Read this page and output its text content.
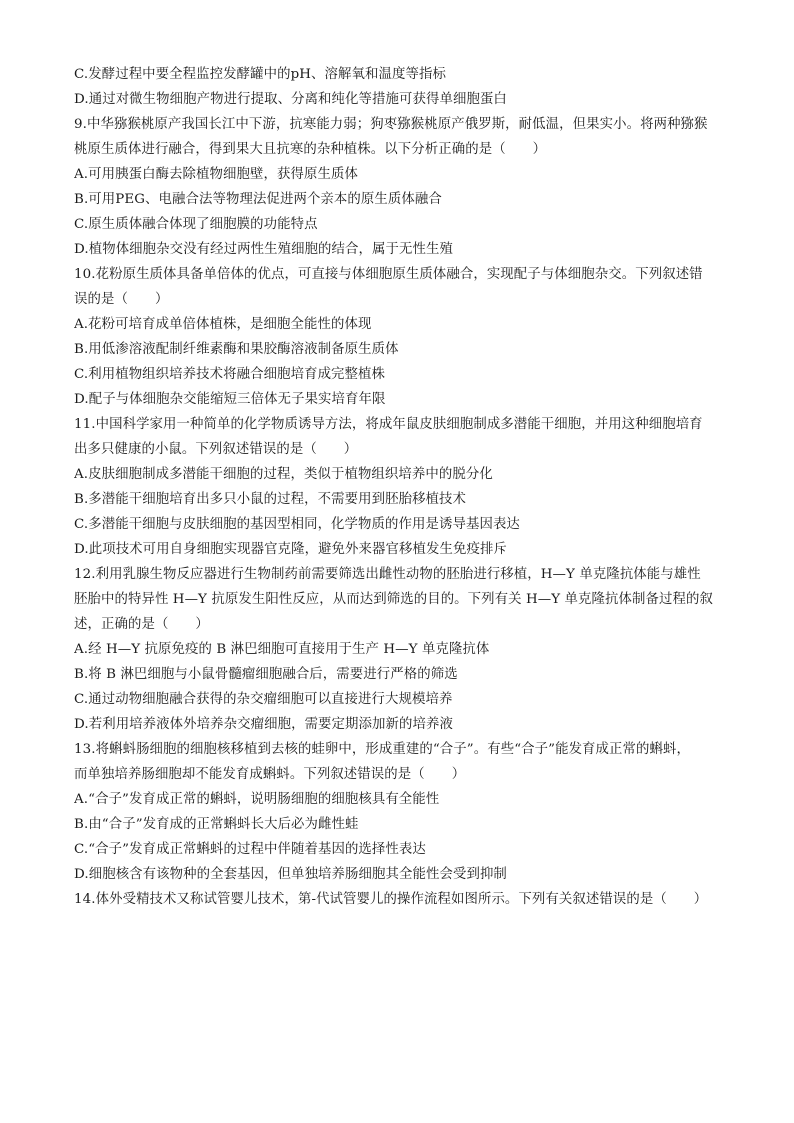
C.发酵过程中要全程监控发酵罐中的pH、溶解氧和温度等指标
D.通过对微生物细胞产物进行提取、分离和纯化等措施可获得单细胞蛋白
9.中华猕猴桃原产我国长江中下游，抗寒能力弱；狗枣猕猴桃原产俄罗斯，耐低温，但果实小。将两种猕猴
桃原生质体进行融合，得到果大且抗寒的杂种植株。以下分析正确的是（　　）
A.可用胰蛋白酶去除植物细胞壁，获得原生质体
B.可用PEG、电融合法等物理法促进两个亲本的原生质体融合
C.原生质体融合体现了细胞膜的功能特点
D.植物体细胞杂交没有经过两性生殖细胞的结合，属于无性生殖
10.花粉原生质体具备单倍体的优点，可直接与体细胞原生质体融合，实现配子与体细胞杂交。下列叙述错
误的是（　　）
A.花粉可培育成单倍体植株，是细胞全能性的体现
B.用低渗溶液配制纤维素酶和果胶酶溶液制备原生质体
C.利用植物组织培养技术将融合细胞培育成完整植株
D.配子与体细胞杂交能缩短三倍体无子果实培育年限
11.中国科学家用一种简单的化学物质诱导方法，将成年鼠皮肤细胞制成多潜能干细胞，并用这种细胞培育
出多只健康的小鼠。下列叙述错误的是（　　）
A.皮肤细胞制成多潜能干细胞的过程，类似于植物组织培养中的脱分化
B.多潜能干细胞培育出多只小鼠的过程，不需要用到胚胎移植技术
C.多潜能干细胞与皮肤细胞的基因型相同，化学物质的作用是诱导基因表达
D.此项技术可用自身细胞实现器官克隆，避免外来器官移植发生免疫排斥
12.利用乳腺生物反应器进行生物制药前需要筛选出雌性动物的胚胎进行移植，H—Y 单克隆抗体能与雄性
胚胎中的特异性 H—Y 抗原发生阳性反应，从而达到筛选的目的。下列有关 H—Y 单克隆抗体制备过程的叙
述，正确的是（　　）
A.经 H—Y 抗原免疫的 B 淋巴细胞可直接用于生产 H—Y 单克隆抗体
B.将 B 淋巴细胞与小鼠骨髓瘤细胞融合后，需要进行严格的筛选
C.通过动物细胞融合获得的杂交瘤细胞可以直接进行大规模培养
D.若利用培养液体外培养杂交瘤细胞，需要定期添加新的培养液
13.将蝌蚪肠细胞的细胞核移植到去核的蛙卵中，形成重建的“合子”。有些“合子”能发育成正常的蝌蚪，
而单独培养肠细胞却不能发育成蝌蚪。下列叙述错误的是（　　）
A.“合子”发育成正常的蝌蚪，说明肠细胞的细胞核具有全能性
B.由“合子”发育成的正常蝌蚪长大后必为雌性蛙
C.“合子”发育成正常蝌蚪的过程中伴随着基因的选择性表达
D.细胞核含有该物种的全套基因，但单独培养肠细胞其全能性会受到抑制
14.体外受精技术又称试管婴儿技术，第-代试管婴儿的操作流程如图所示。下列有关叙述错误的是（　　）
